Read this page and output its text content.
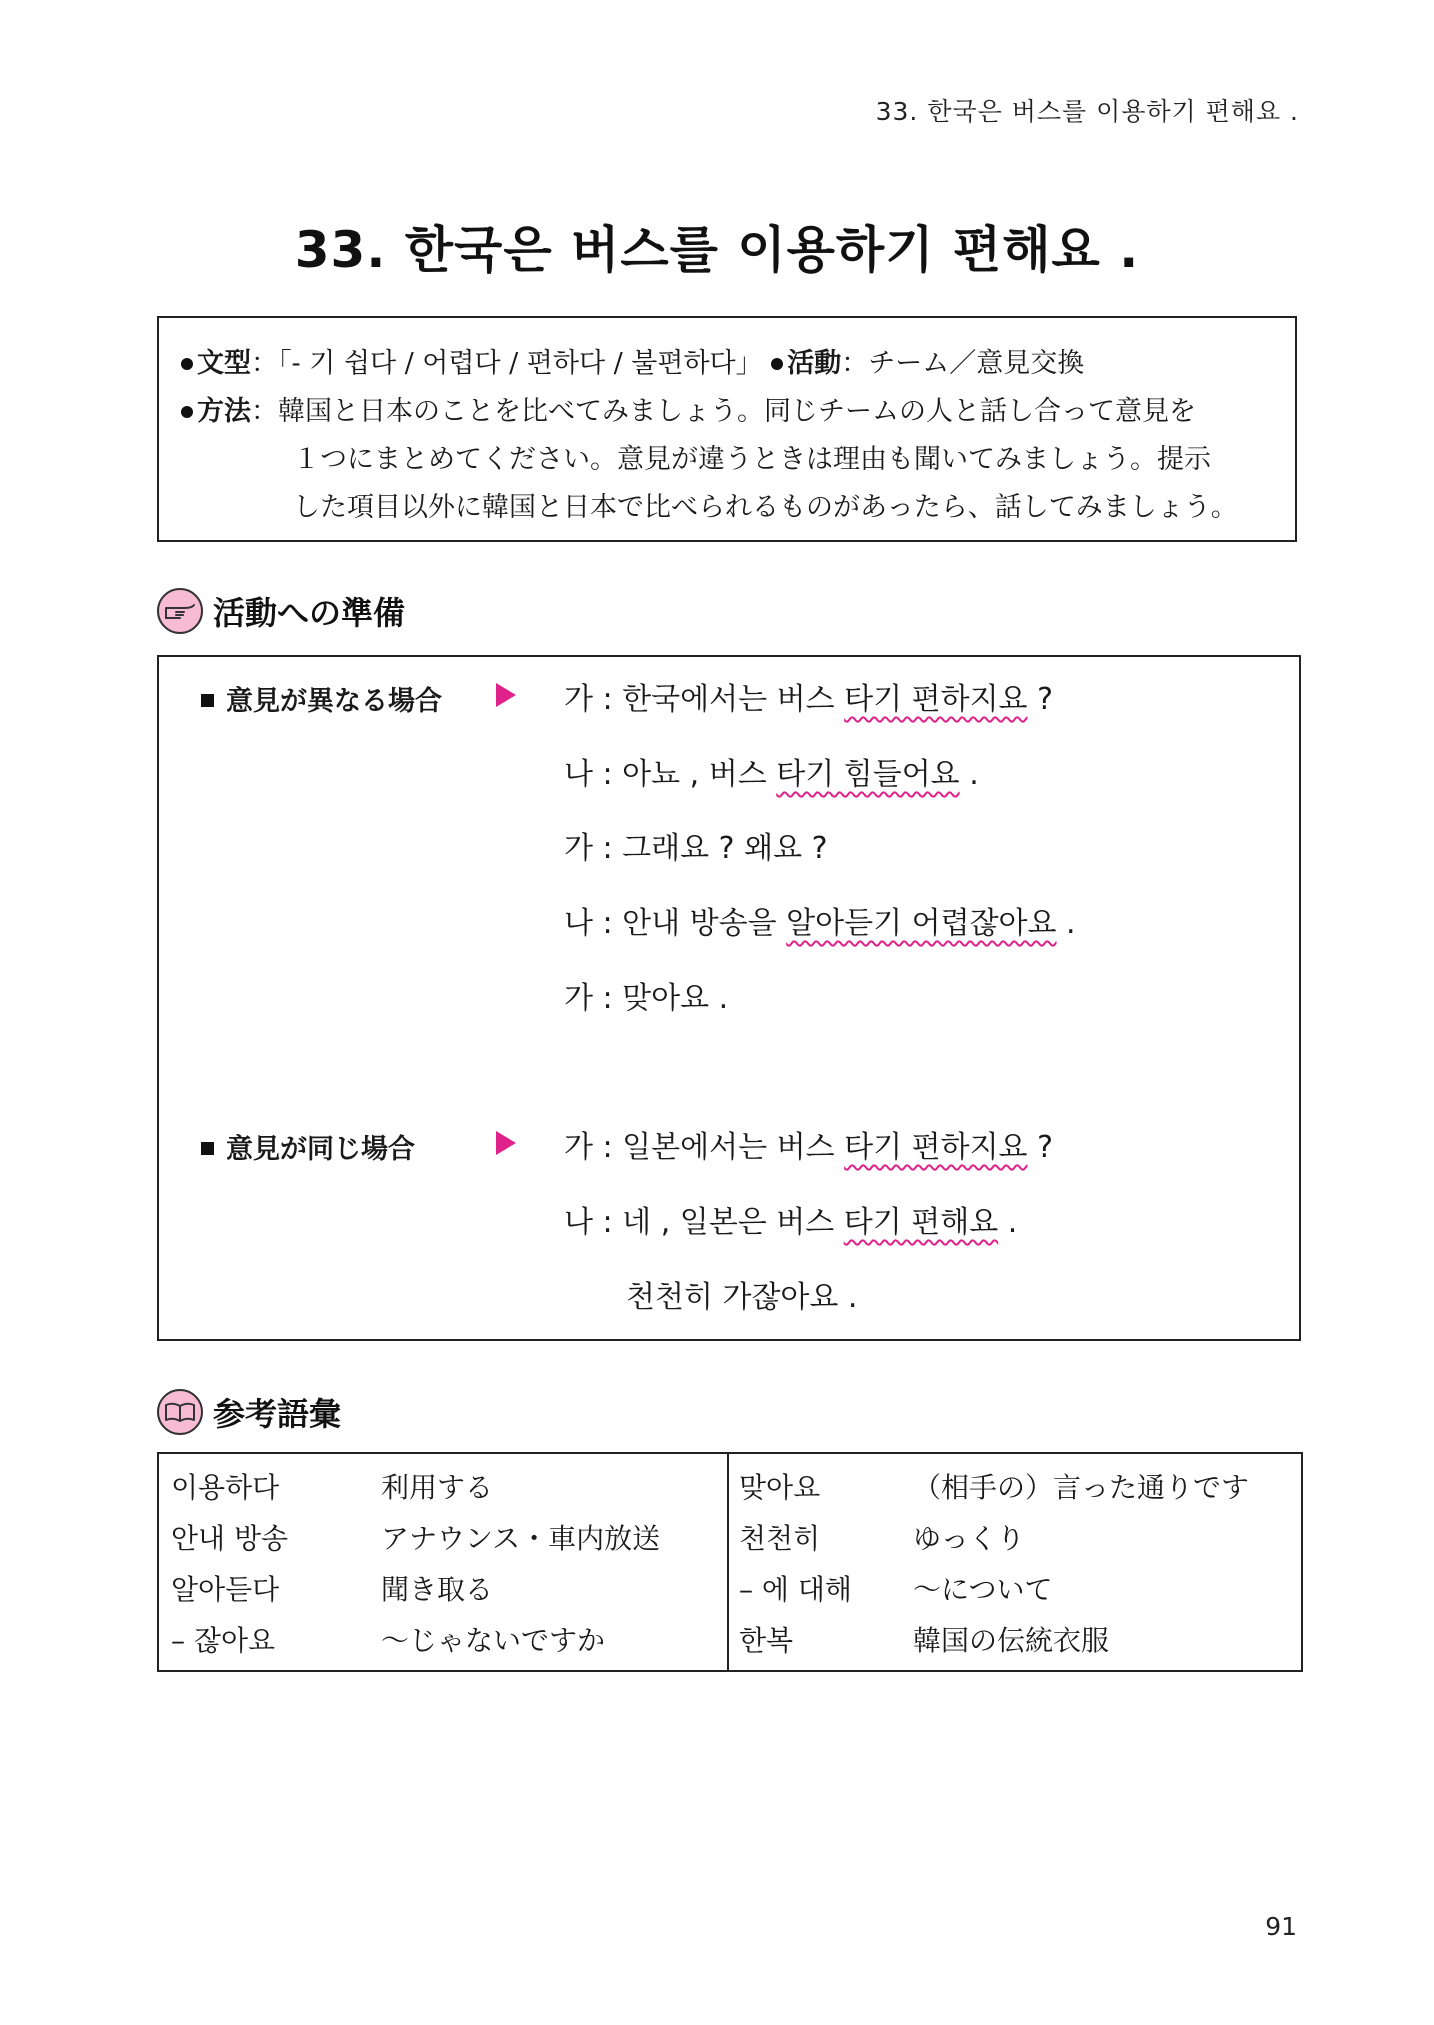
33. 한국은 버스를 이용하기 편해요 .
33. 한국은 버스를 이용하기 편해요 .
文型：「- 기 쉽다 / 어렵다 / 편하다 / 불편하다」 活動：チーム／意見交換
方法：韓国と日本のことを比べてみましょう。同じチームの人と話し合って意見を
１つにまとめてください。意見が違うときは理由も聞いてみましょう。提示
した項目以外に韓国と日本で比べられるものがあったら、話してみましょう。
活動への準備
意見が異なる場合	가 : 한국에서는 버스 타기 편하지요 ?
나 : 아뇨 , 버스 타기 힘들어요 .
가 : 그래요 ? 왜요 ?
나 : 안내 방송을 알아듣기 어렵잖아요 .
가 : 맞아요 .
意見が同じ場合	가 : 일본에서는 버스 타기 편하지요 ?
나 : 네 , 일본은 버스 타기 편해요 .
천천히 가잖아요 .
参考語彙
이용하다	利用する	맞아요	（相手の）言った通りです
안내 방송	アナウンス・車内放送	천천히	ゆっくり
알아듣다	聞き取る	– 에 대해	～について
– 잖아요	～じゃないですか	한복	韓国の伝統衣服
91
